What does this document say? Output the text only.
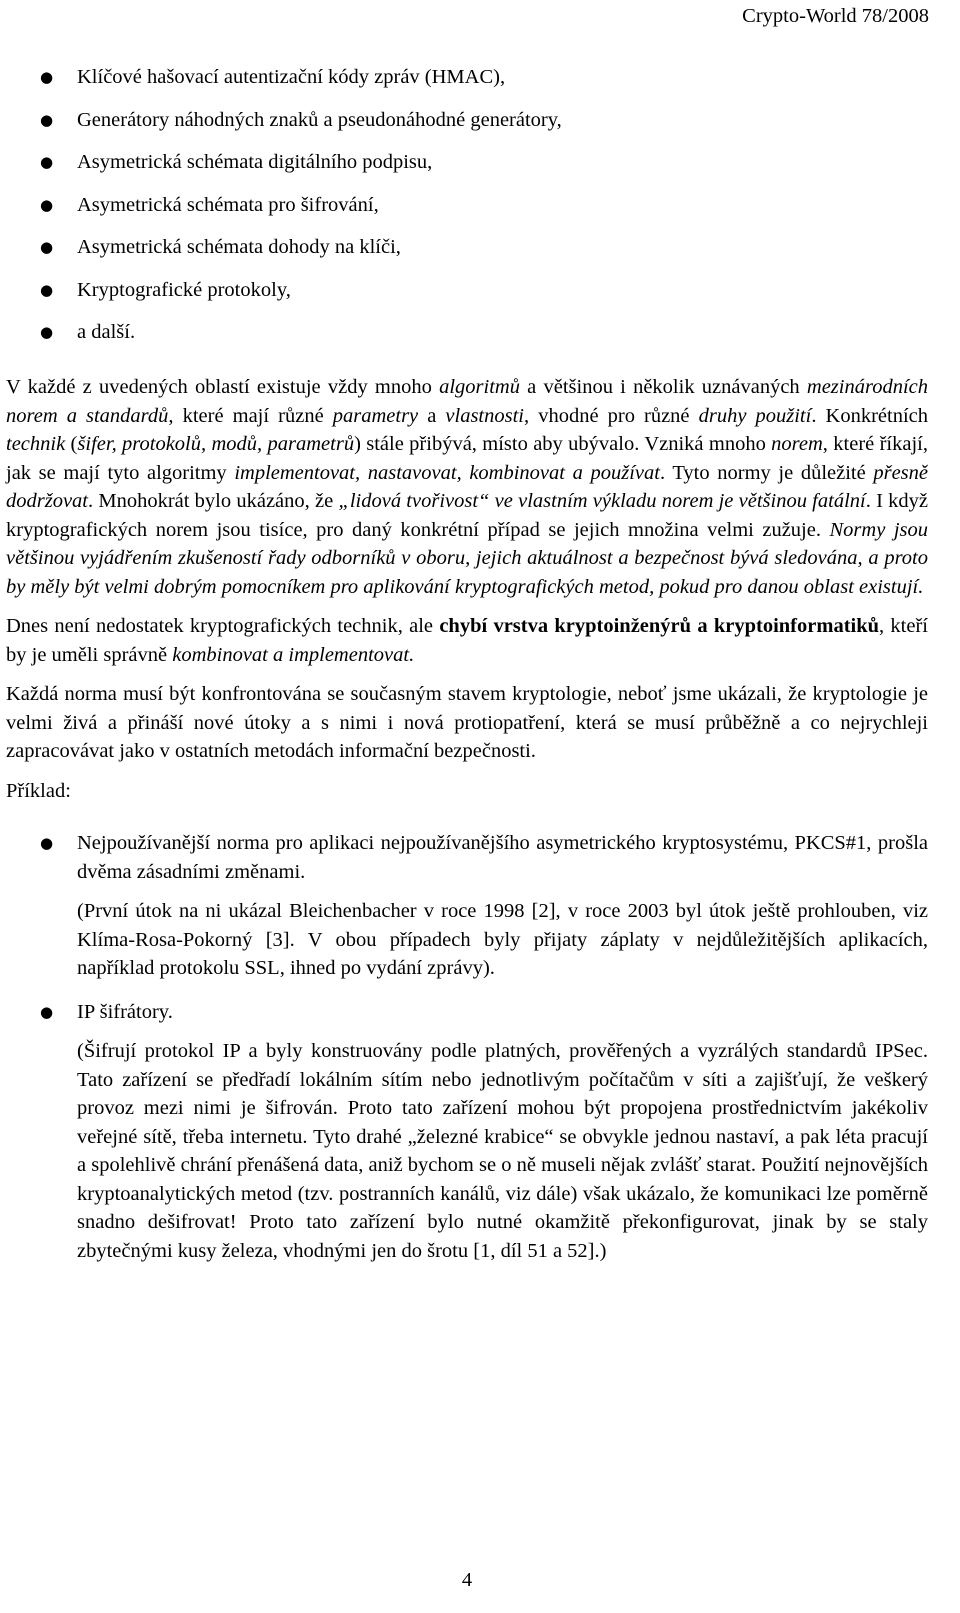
Crypto-World 78/2008
● Klíčové hašovací autentizační kódy zpráv (HMAC),
● Generátory náhodných znaků a pseudonáhodné generátory,
● Asymetrická schémata digitálního podpisu,
● Asymetrická schémata pro šifrování,
● Asymetrická schémata dohody na klíči,
● Kryptografické protokoly,
● a další.

V každé z uvedených oblastí existuje vždy mnoho algoritmů a většinou i několik uznávaných mezinárodních norem a standardů, které mají různé parametry a vlastnosti, vhodné pro různé druhy použití. Konkrétních technik (šifer, protokolů, modů, parametrů) stále přibývá, místo aby ubývalo. Vzniká mnoho norem, které říkají, jak se mají tyto algoritmy implementovat, nastavovat, kombinovat a používat. Tyto normy je důležité přesně dodržovat. Mnohokrát bylo ukázáno, že „lidová tvořivost“ ve vlastním výkladu norem je většinou fatální. I když kryptografických norem jsou tisíce, pro daný konkrétní případ se jejich množina velmi zužuje. Normy jsou většinou vyjádřením zkušeností řady odborníků v oboru, jejich aktuálnost a bezpečnost bývá sledována, a proto by měly být velmi dobrým pomocníkem pro aplikování kryptografických metod, pokud pro danou oblast existují.

Dnes není nedostatek kryptografických technik, ale chybí vrstva kryptoinženýrů a kryptoinformatiků, kteří by je uměli správně kombinovat a implementovat.

Každá norma musí být konfrontována se současným stavem kryptologie, neboť jsme ukázali, že kryptologie je velmi živá a přináší nové útoky a s nimi i nová protiopatření, která se musí průběžně a co nejrychleji zapracovávat jako v ostatních metodách informační bezpečnosti.

Příklad:

● Nejpoužívanější norma pro aplikaci nejpoužívanějšího asymetrického kryptosystému, PKCS#1, prošla dvěma zásadními změnami.

(První útok na ni ukázal Bleichenbacher v roce 1998 [2], v roce 2003 byl útok ještě prohlouben, viz Klíma-Rosa-Pokorný [3]. V obou případech byly přijaty záplaty v nejdůležitějších aplikacích, například protokolu SSL, ihned po vydání zprávy).

● IP šifrátory.

(Šifrují protokol IP a byly konstruovány podle platných, prověřených a vyzrálých standardů IPSec. Tato zařízení se předřadí lokálním sítím nebo jednotlivým počítačům v síti a zajišťují, že veškerý provoz mezi nimi je šifrován. Proto tato zařízení mohou být propojena prostřednictvím jakékoliv veřejné sítě, třeba internetu. Tyto drahé „železné krabice“ se obvykle jednou nastaví, a pak léta pracují a spolehlivě chrání přenášená data, aniž bychom se o ně museli nějak zvlášť starat. Použití nejnovějších kryptoanalytických metod (tzv. postranních kanálů, viz dále) však ukázalo, že komunikaci lze poměrně snadno dešifrovat! Proto tato zařízení bylo nutné okamžitě překonfigurovat, jinak by se staly zbytečnými kusy železa, vhodnými jen do šrotu [1, díl 51 a 52].)

4
